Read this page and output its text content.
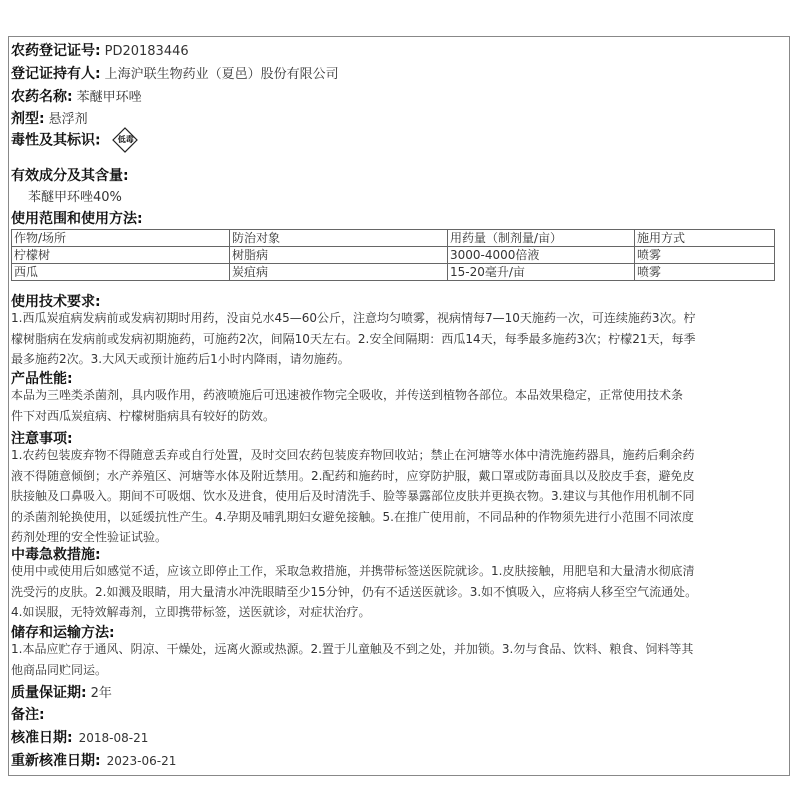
农药登记证号: PD20183446
登记证持有人: 上海沪联生物药业（夏邑）股份有限公司
农药名称: 苯醚甲环唑
剂型: 悬浮剂
毒性及其标识:	低毒
有效成分及其含量:
苯醚甲环唑40%
使用范围和使用方法:
作物/场所	防治对象	用药量（制剂量/亩）	施用方式
柠檬树	树脂病	3000-4000倍液	喷雾
西瓜	炭疽病	15-20毫升/亩	喷雾
使用技术要求:
1.西瓜炭疽病发病前或发病初期时用药，没亩兑水45—60公斤，注意均匀喷雾，视病情每7—10天施药一次，可连续施药3次。柠
檬树脂病在发病前或发病初期施药，可施药2次，间隔10天左右。2.安全间隔期：西瓜14天，每季最多施药3次；柠檬21天，每季
最多施药2次。3.大风天或预计施药后1小时内降雨，请勿施药。
产品性能:
本品为三唑类杀菌剂，具内吸作用，药液喷施后可迅速被作物完全吸收，并传送到植物各部位。本品效果稳定，正常使用技术条
件下对西瓜炭疽病、柠檬树脂病具有较好的防效。
注意事项:
1.农药包装废弃物不得随意丢弃或自行处置，及时交回农药包装废弃物回收站；禁止在河塘等水体中清洗施药器具，施药后剩余药
液不得随意倾倒；水产养殖区、河塘等水体及附近禁用。2.配药和施药时，应穿防护服，戴口罩或防毒面具以及胶皮手套，避免皮
肤接触及口鼻吸入。期间不可吸烟、饮水及进食，使用后及时清洗手、脸等暴露部位皮肤并更换衣物。3.建议与其他作用机制不同
的杀菌剂轮换使用，以延缓抗性产生。4.孕期及哺乳期妇女避免接触。5.在推广使用前，不同品种的作物须先进行小范围不同浓度
药剂处理的安全性验证试验。
中毒急救措施:
使用中或使用后如感觉不适，应该立即停止工作，采取急救措施，并携带标签送医院就诊。1.皮肤接触，用肥皂和大量清水彻底清
洗受污的皮肤。2.如溅及眼睛，用大量清水冲洗眼睛至少15分钟，仍有不适送医就诊。3.如不慎吸入，应将病人移至空气流通处。
4.如误服，无特效解毒剂，立即携带标签，送医就诊，对症状治疗。
储存和运输方法:
1.本品应贮存于通风、阴凉、干燥处，远离火源或热源。2.置于儿童触及不到之处，并加锁。3.勿与食品、饮料、粮食、饲料等其
他商品同贮同运。
质量保证期: 2年
备注:
核准日期: 2018-08-21
重新核准日期: 2023-06-21
